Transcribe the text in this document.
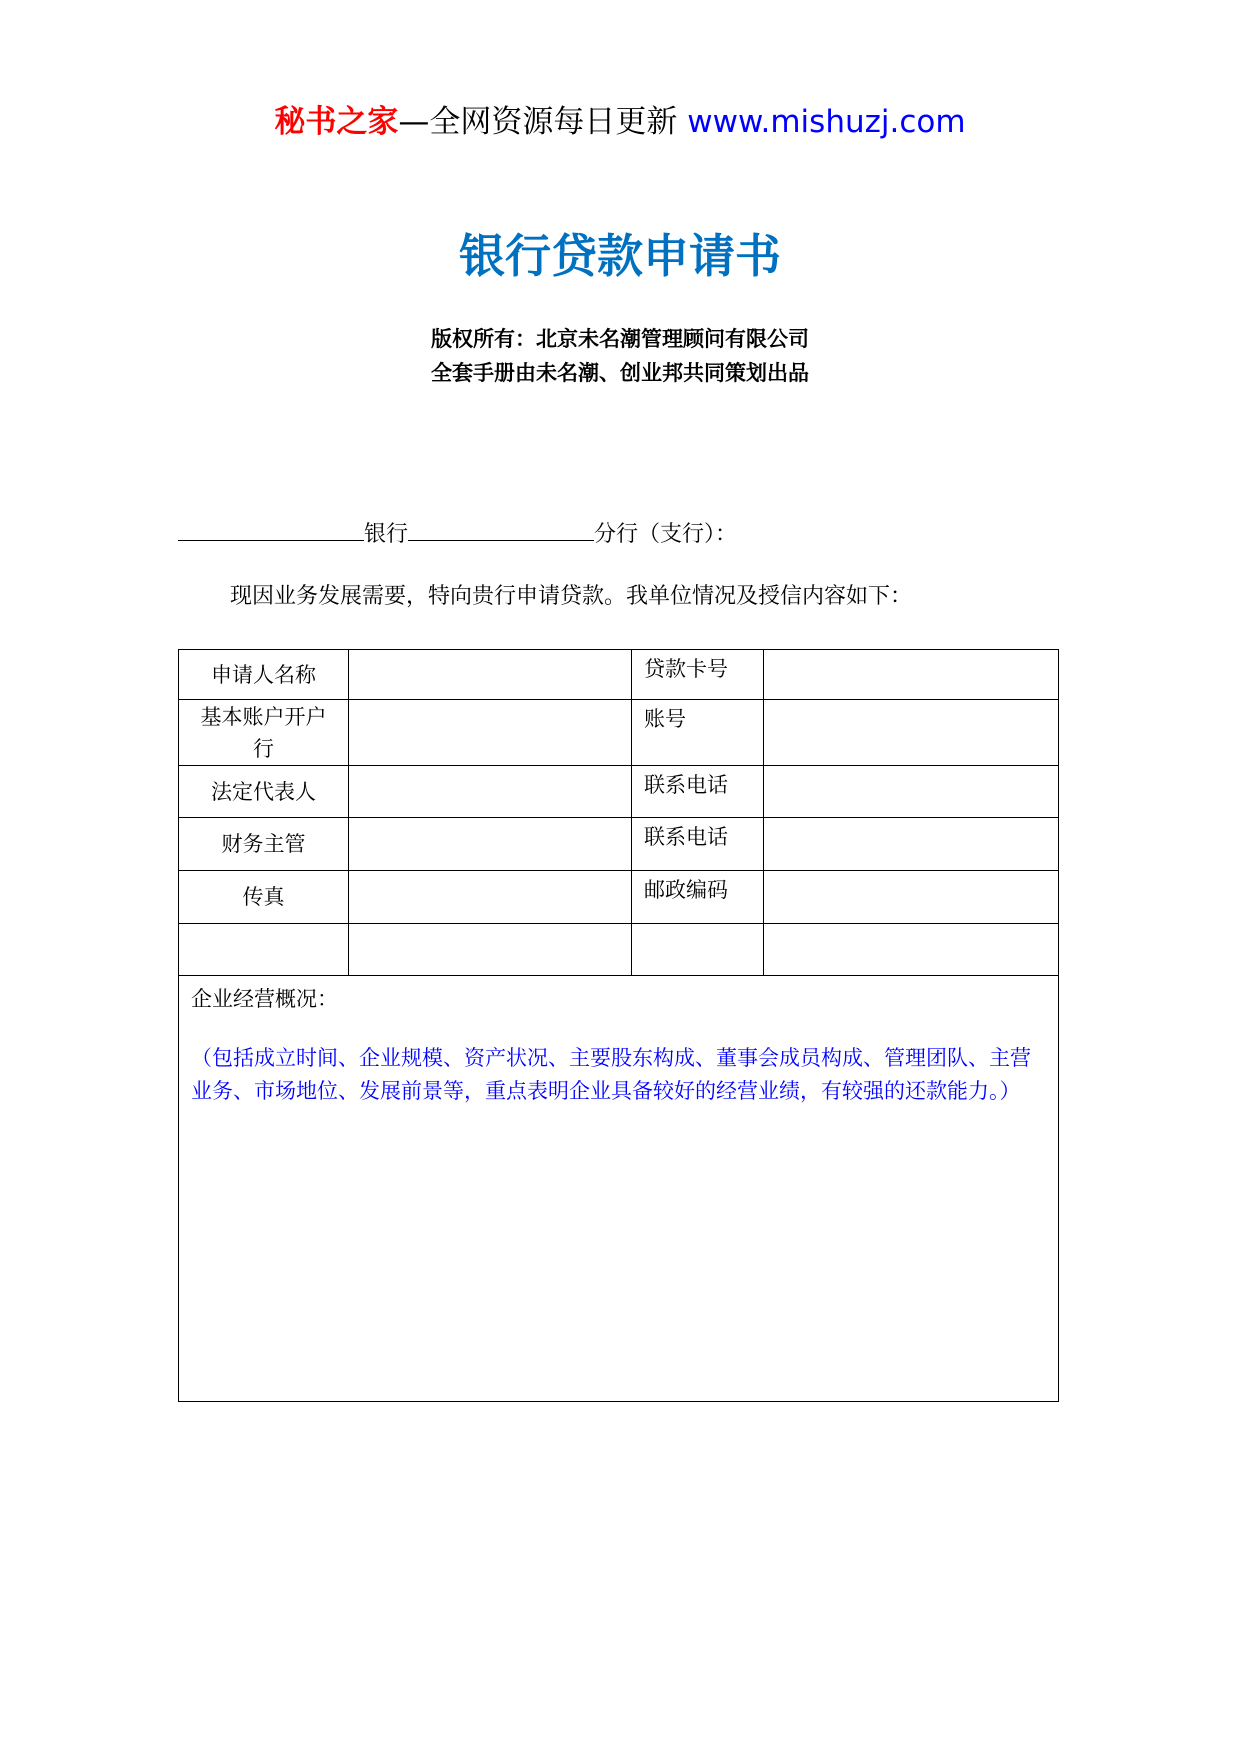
秘书之家—全网资源每日更新 www.mishuzj.com
银行贷款申请书
版权所有：北京未名潮管理顾问有限公司
全套手册由未名潮、创业邦共同策划出品
银行	分行（支行）：
现因业务发展需要，特向贵行申请贷款。我单位情况及授信内容如下：
申请人名称		贷款卡号	
基本账户开户行		账号	
法定代表人		联系电话	
财务主管		联系电话	
传真		邮政编码	

企业经营概况：
（包括成立时间、企业规模、资产状况、主要股东构成、董事会成员构成、管理团队、主营业务、市场地位、发展前景等，重点表明企业具备较好的经营业绩，有较强的还款能力。）			
